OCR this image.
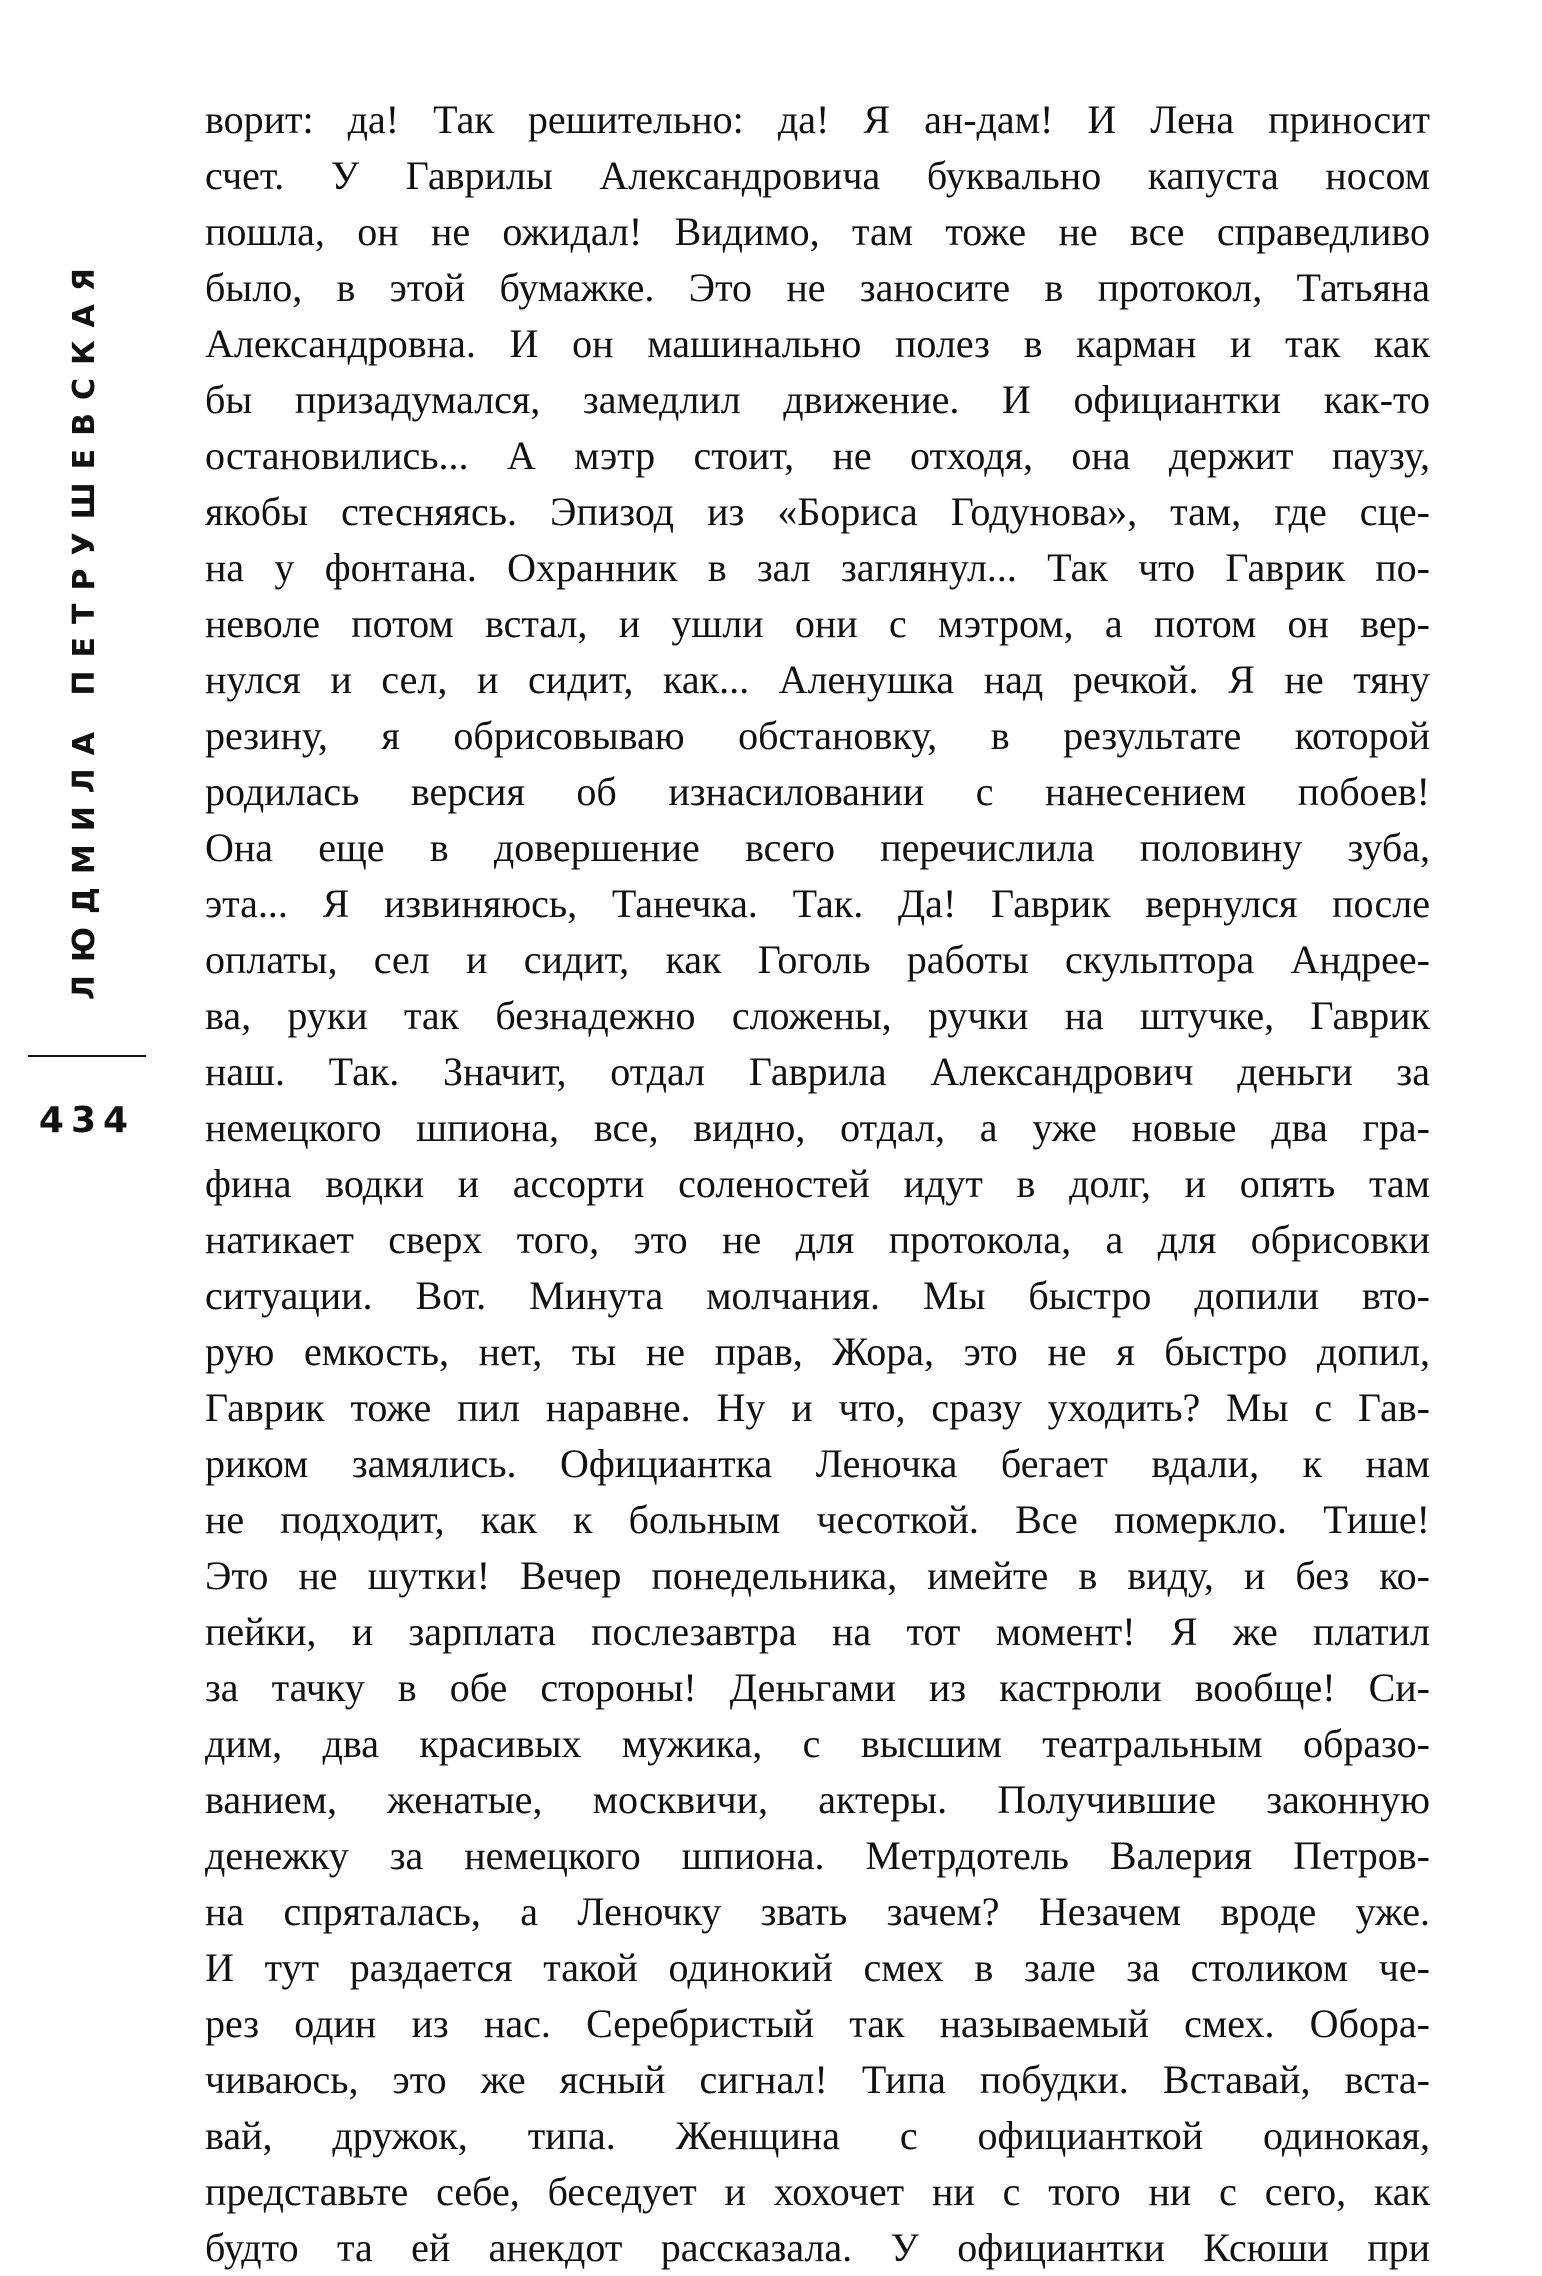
ЛЮДМИЛА ПЕТРУШЕВСКАЯ
434
ворит: да! Так решительно: да! Я ан-дам! И Лена приносит
счет. У Гаврилы Александровича буквально капуста носом
пошла, он не ожидал! Видимо, там тоже не все справедливо
было, в этой бумажке. Это не заносите в протокол, Татьяна
Александровна. И он машинально полез в карман и так как
бы призадумался, замедлил движение. И официантки как-то
остановились... А мэтр стоит, не отходя, она держит паузу,
якобы стесняясь. Эпизод из «Бориса Годунова», там, где сце-
на у фонтана. Охранник в зал заглянул... Так что Гаврик по-
неволе потом встал, и ушли они с мэтром, а потом он вер-
нулся и сел, и сидит, как... Аленушка над речкой. Я не тяну
резину, я обрисовываю обстановку, в результате которой
родилась версия об изнасиловании с нанесением побоев!
Она еще в довершение всего перечислила половину зуба,
эта... Я извиняюсь, Танечка. Так. Да! Гаврик вернулся после
оплаты, сел и сидит, как Гоголь работы скульптора Андрее-
ва, руки так безнадежно сложены, ручки на штучке, Гаврик
наш. Так. Значит, отдал Гаврила Александрович деньги за
немецкого шпиона, все, видно, отдал, а уже новые два гра-
фина водки и ассорти соленостей идут в долг, и опять там
натикает сверх того, это не для протокола, а для обрисовки
ситуации. Вот. Минута молчания. Мы быстро допили вто-
рую емкость, нет, ты не прав, Жора, это не я быстро допил,
Гаврик тоже пил наравне. Ну и что, сразу уходить? Мы с Гав-
риком замялись. Официантка Леночка бегает вдали, к нам
не подходит, как к больным чесоткой. Все померкло. Тише!
Это не шутки! Вечер понедельника, имейте в виду, и без ко-
пейки, и зарплата послезавтра на тот момент! Я же платил
за тачку в обе стороны! Деньгами из кастрюли вообще! Си-
дим, два красивых мужика, с высшим театральным образо-
ванием, женатые, москвичи, актеры. Получившие законную
денежку за немецкого шпиона. Метрдотель Валерия Петров-
на спряталась, а Леночку звать зачем? Незачем вроде уже.
И тут раздается такой одинокий смех в зале за столиком че-
рез один из нас. Серебристый так называемый смех. Обора-
чиваюсь, это же ясный сигнал! Типа побудки. Вставай, вста-
вай, дружок, типа. Женщина с официанткой одинокая,
представьте себе, беседует и хохочет ни с того ни с сего, как
будто та ей анекдот рассказала. У официантки Ксюши при
